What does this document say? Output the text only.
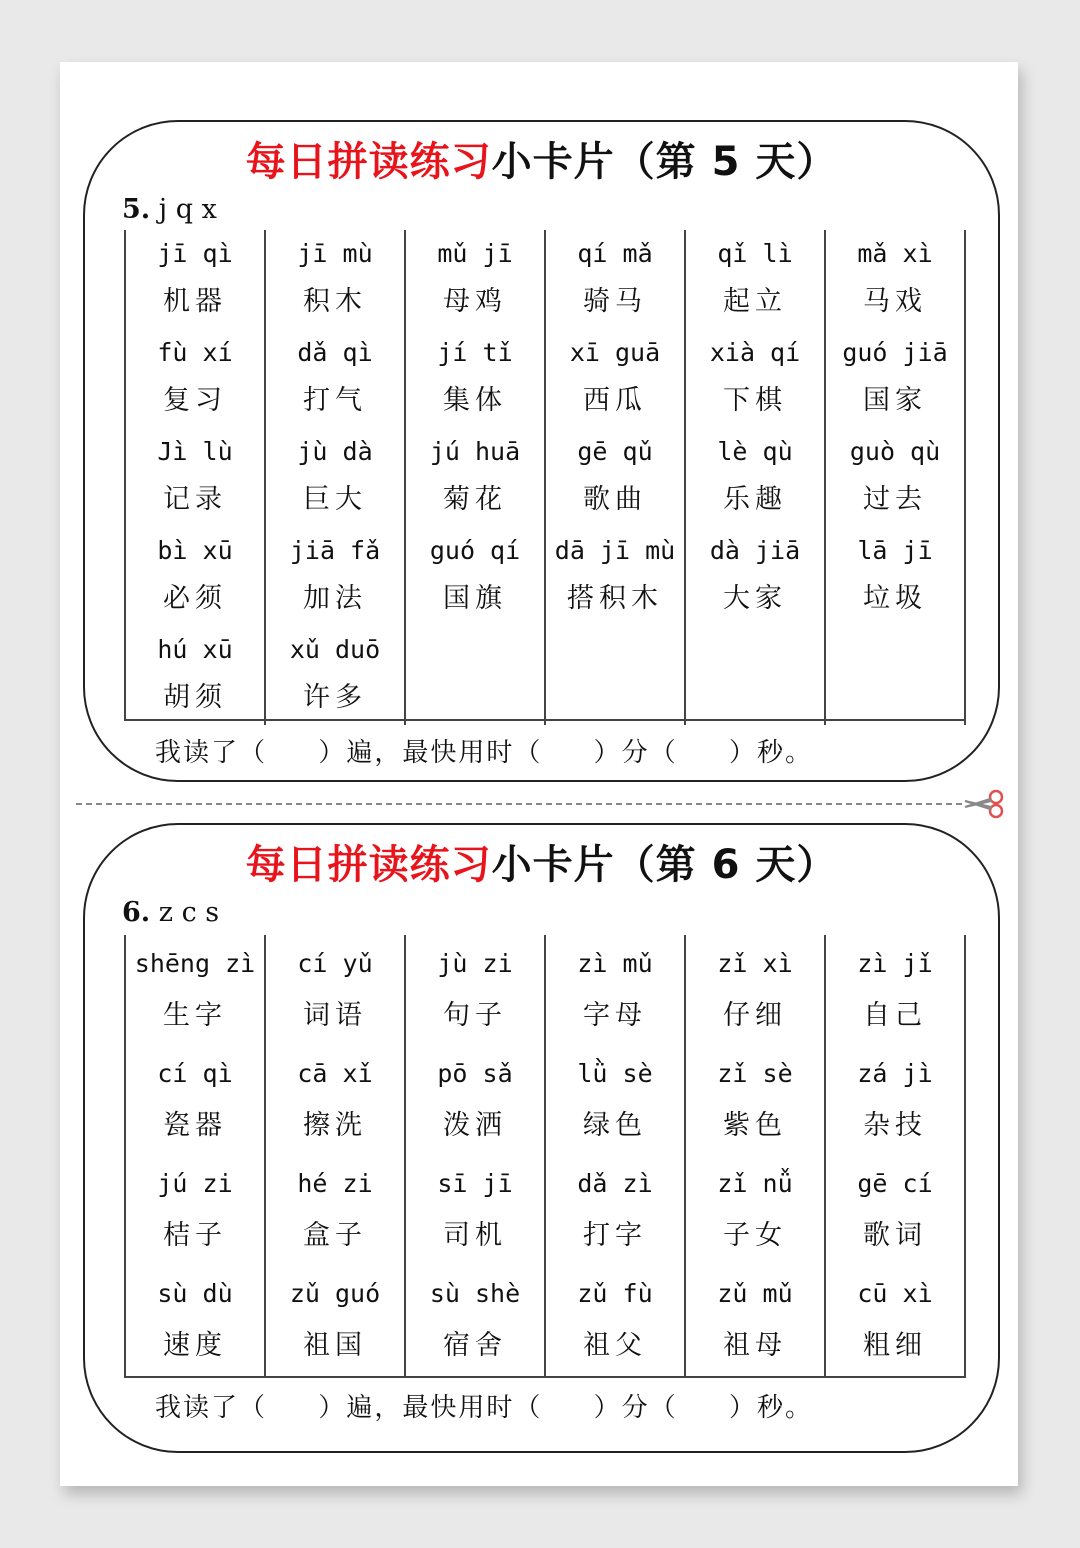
每日拼读练习小卡片（第 5 天）
5. j q x
jī qì
机器
fù xí
复习
Jì lù
记录
bì xū
必须
hú xū
胡须
jī mù
积木
dǎ qì
打气
jù dà
巨大
jiā fǎ
加法
xǔ duō
许多
mǔ jī
母鸡
jí tǐ
集体
jú huā
菊花
guó qí
国旗
qí mǎ
骑马
xī guā
西瓜
gē qǔ
歌曲
dā jī mù
搭积木
qǐ lì
起立
xià qí
下棋
lè qù
乐趣
dà jiā
大家
mǎ xì
马戏
guó jiā
国家
guò qù
过去
lā jī
垃圾
我读了（     ）遍，最快用时（     ）分（     ）秒。
每日拼读练习小卡片（第 6 天）
6. z c s
shēng zì
生字
cí qì
瓷器
jú zi
桔子
sù dù
速度
cí yǔ
词语
cā xǐ
擦洗
hé zi
盒子
zǔ guó
祖国
jù zi
句子
pō sǎ
泼洒
sī jī
司机
sù shè
宿舍
zì mǔ
字母
lǜ sè
绿色
dǎ zì
打字
zǔ fù
祖父
zǐ xì
仔细
zǐ sè
紫色
zǐ nǚ
子女
zǔ mǔ
祖母
zì jǐ
自己
zá jì
杂技
gē cí
歌词
cū xì
粗细
我读了（     ）遍，最快用时（     ）分（     ）秒。
